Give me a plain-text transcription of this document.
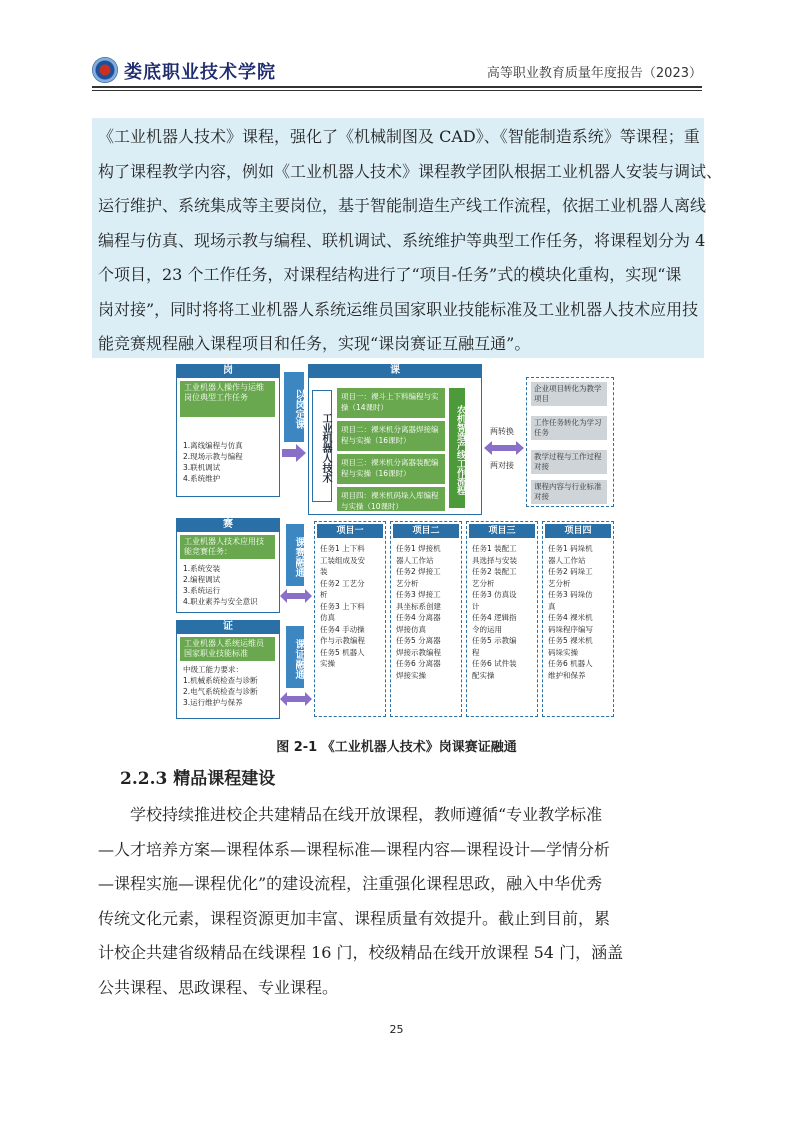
娄底职业技术学院	高等职业教育质量年度报告（2023）
《工业机器人技术》课程，强化了《机械制图及 CAD》、《智能制造系统》等课程；重
构了课程教学内容，例如《工业机器人技术》课程教学团队根据工业机器人安装与调试、
运行维护、系统集成等主要岗位，基于智能制造生产线工作流程，依据工业机器人离线
编程与仿真、现场示教与编程、联机调试、系统维护等典型工作任务，将课程划分为 4
个项目，23 个工作任务，对课程结构进行了“项目-任务”式的模块化重构，实现“课
岗对接”，同时将将工业机器人系统运维员国家职业技能标准及工业机器人技术应用技
能竞赛规程融入课程项目和任务，实现“课岗赛证互融互通”。
岗
工业机器人操作与运维岗位典型工作任务
1.离线编程与仿真
2.现场示教与编程
3.联机调试
4.系统维护
以岗定课
课
工业机器人技术
项目一：裸斗上下料编程与实操（14课时）
项目二：裸米机分离器焊接编程与实操（16课时）
项目三：裸米机分离器装配编程与实操（16课时）
项目四：裸米机码垛入库编程与实操（10课时）
农机智造产线工作流程	两转换
两对接
企业项目转化为教学项目
工作任务转化为学习任务
教学过程与工作过程对接
课程内容与行业标准对接
赛
工业机器人技术应用技能竞赛任务：
1.系统安装
2.编程调试
3.系统运行
4.职业素养与安全意识
证
工业机器人系统运维员国家职业技能标准
中级工能力要求：
1.机械系统检查与诊断
2.电气系统检查与诊断
3.运行维护与保养
课赛融通
课证融通
项目一
任务1 上下料
工装组成及安
装
任务2 工艺分
析
任务3 上下料
仿真
任务4 手动操
作与示教编程
任务5 机器人
实操
项目二
任务1 焊接机
器人工作站
任务2 焊接工
艺分析
任务3 焊接工
具坐标系创建
任务4 分离器
焊接仿真
任务5 分离器
焊接示教编程
任务6 分离器
焊接实操
项目三
任务1 装配工
具选择与安装
任务2 装配工
艺分析
任务3 仿真设
计
任务4 逻辑指
令的运用
任务5 示教编
程
任务6 试件装
配实操
项目四
任务1 码垛机
器人工作站
任务2 码垛工
艺分析
任务3 码垛仿
真
任务4 裸米机
码垛程序编写
任务5 裸米机
码垛实操
任务6 机器人
维护和保养
图 2-1 《工业机器人技术》岗课赛证融通
2.2.3 精品课程建设
学校持续推进校企共建精品在线开放课程，教师遵循“专业教学标准
—人才培养方案—课程体系—课程标准—课程内容—课程设计—学情分析
—课程实施—课程优化”的建设流程，注重强化课程思政，融入中华优秀
传统文化元素，课程资源更加丰富、课程质量有效提升。截止到目前，累
计校企共建省级精品在线课程 16 门，校级精品在线开放课程 54 门，涵盖
公共课程、思政课程、专业课程。
25
